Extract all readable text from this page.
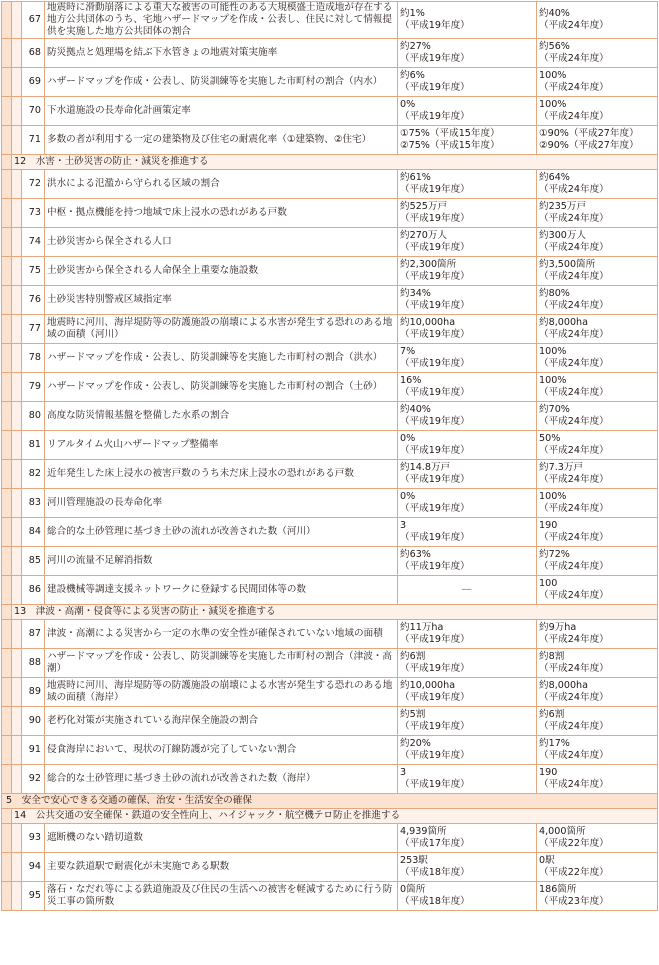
		67	地震時に滑動崩落による重大な被害の可能性のある大規模盛土造成地が存在する地方公共団体のうち、宅地ハザードマップを作成・公表し、住民に対して情報提供を実施した地方公共団体の割合	約1%
（平成19年度）	約40%
（平成24年度）

		68	防災拠点と処理場を結ぶ下水管きょの地震対策実施率	約27%
（平成19年度）	約56%
（平成24年度）

		69	ハザードマップを作成・公表し、防災訓練等を実施した市町村の割合（内水）	約6%
（平成19年度）	100%
（平成24年度）

		70	下水道施設の長寿命化計画策定率	0%
（平成19年度）	100%
（平成24年度）

		71	多数の者が利用する一定の建築物及び住宅の耐震化率（①建築物、②住宅）	①75%（平成15年度）
②75%（平成15年度）	①90%（平成27年度）
②90%（平成27年度）

	12　水害・土砂災害の防止・減災を推進する				
		72	洪水による氾濫から守られる区域の割合	約61%
（平成19年度）	約64%
（平成24年度）

		73	中枢・拠点機能を持つ地域で床上浸水の恐れがある戸数	約525万戸
（平成19年度）	約235万戸
（平成24年度）

		74	土砂災害から保全される人口	約270万人
（平成19年度）	約300万人
（平成24年度）

		75	土砂災害から保全される人命保全上重要な施設数	約2,300箇所
（平成19年度）	約3,500箇所
（平成24年度）

		76	土砂災害特別警戒区域指定率	約34%
（平成19年度）	約80%
（平成24年度）

		77	地震時に河川、海岸堤防等の防護施設の崩壊による水害が発生する恐れのある地域の面積（河川）	約10,000ha
（平成19年度）	約8,000ha
（平成24年度）

		78	ハザードマップを作成・公表し、防災訓練等を実施した市町村の割合（洪水）	7%
（平成19年度）	100%
（平成24年度）

		79	ハザードマップを作成・公表し、防災訓練等を実施した市町村の割合（土砂）	16%
（平成19年度）	100%
（平成24年度）

		80	高度な防災情報基盤を整備した水系の割合	約40%
（平成19年度）	約70%
（平成24年度）

		81	リアルタイム火山ハザードマップ整備率	0%
（平成19年度）	50%
（平成24年度）

		82	近年発生した床上浸水の被害戸数のうち未だ床上浸水の恐れがある戸数	約14.8万戸
（平成19年度）	約7.3万戸
（平成24年度）

		83	河川管理施設の長寿命化率	0%
（平成19年度）	100%
（平成24年度）

		84	総合的な土砂管理に基づき土砂の流れが改善された数（河川）	3
（平成19年度）	190
（平成24年度）

		85	河川の流量不足解消指数	約63%
（平成19年度）	約72%
（平成24年度）

		86	建設機械等調達支援ネットワークに登録する民間団体等の数	―	100
（平成24年度）

	13　津波・高潮・侵食等による災害の防止・減災を推進する				
		87	津波・高潮による災害から一定の水準の安全性が確保されていない地域の面積	約11万ha
（平成19年度）	約9万ha
（平成24年度）

		88	ハザードマップを作成・公表し、防災訓練等を実施した市町村の割合（津波・高潮）	約6割
（平成19年度）	約8割
（平成24年度）

		89	地震時に河川、海岸堤防等の防護施設の崩壊による水害が発生する恐れのある地域の面積（海岸）	約10,000ha
（平成19年度）	約8,000ha
（平成24年度）

		90	老朽化対策が実施されている海岸保全施設の割合	約5割
（平成19年度）	約6割
（平成24年度）

		91	侵食海岸において、現状の汀線防護が完了していない割合	約20%
（平成19年度）	約17%
（平成24年度）

		92	総合的な土砂管理に基づき土砂の流れが改善された数（海岸）	3
（平成19年度）	190
（平成24年度）

5　安全で安心できる交通の確保、治安・生活安全の確保					
	14　公共交通の安全確保・鉄道の安全性向上、ハイジャック・航空機テロ防止を推進する				
		93	遮断機のない踏切道数	4,939箇所
（平成17年度）	4,000箇所
（平成22年度）

		94	主要な鉄道駅で耐震化が未実施である駅数	253駅
（平成18年度）	0駅
（平成22年度）

		95	落石・なだれ等による鉄道施設及び住民の生活への被害を軽減するために行う防災工事の箇所数	0箇所
（平成18年度）	186箇所
（平成23年度）
